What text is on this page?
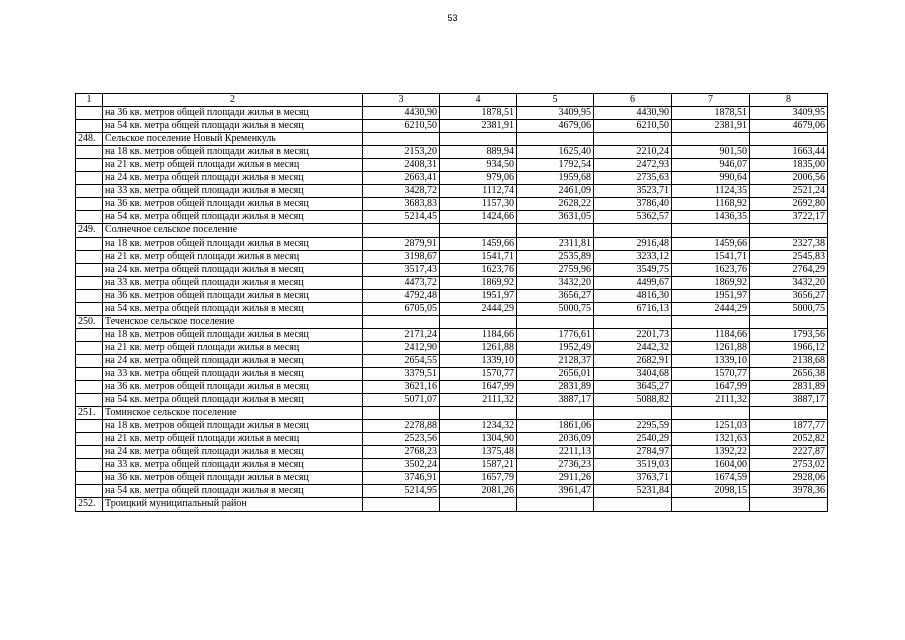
53
1	2	3	4	5	6	7	8
	на 36 кв. метров общей площади жилья в месяц	4430,90	1878,51	3409,95	4430,90	1878,51	3409,95
	на 54 кв. метра общей площади жилья в месяц	6210,50	2381,91	4679,06	6210,50	2381,91	4679,06
248.	Сельское поселение Новый Кременкуль						
	на 18 кв. метров общей площади жилья в месяц	2153,20	889,94	1625,40	2210,24	901,50	1663,44
	на 21 кв. метр общей площади жилья в месяц	2408,31	934,50	1792,54	2472,93	946,07	1835,00
	на 24 кв. метра общей площади жилья в месяц	2663,41	979,06	1959,68	2735,63	990,64	2006,56
	на 33 кв. метра общей площади жилья в месяц	3428,72	1112,74	2461,09	3523,71	1124,35	2521,24
	на 36 кв. метров общей площади жилья в месяц	3683,83	1157,30	2628,22	3786,40	1168,92	2692,80
	на 54 кв. метра общей площади жилья в месяц	5214,45	1424,66	3631,05	5362,57	1436,35	3722,17
249.	Солнечное сельское поселение						
	на 18 кв. метров общей площади жилья в месяц	2879,91	1459,66	2311,81	2916,48	1459,66	2327,38
	на 21 кв. метр общей площади жилья в месяц	3198,67	1541,71	2535,89	3233,12	1541,71	2545,83
	на 24 кв. метра общей площади жилья в месяц	3517,43	1623,76	2759,96	3549,75	1623,76	2764,29
	на 33 кв. метра общей площади жилья в месяц	4473,72	1869,92	3432,20	4499,67	1869,92	3432,20
	на 36 кв. метров общей площади жилья в месяц	4792,48	1951,97	3656,27	4816,30	1951,97	3656,27
	на 54 кв. метра общей площади жилья в месяц	6705,05	2444,29	5000,75	6716,13	2444,29	5000,75
250.	Теченское сельское поселение						
	на 18 кв. метров общей площади жилья в месяц	2171,24	1184,66	1776,61	2201,73	1184,66	1793,56
	на 21 кв. метр общей площади жилья в месяц	2412,90	1261,88	1952,49	2442,32	1261,88	1966,12
	на 24 кв. метра общей площади жилья в месяц	2654,55	1339,10	2128,37	2682,91	1339,10	2138,68
	на 33 кв. метра общей площади жилья в месяц	3379,51	1570,77	2656,01	3404,68	1570,77	2656,38
	на 36 кв. метров общей площади жилья в месяц	3621,16	1647,99	2831,89	3645,27	1647,99	2831,89
	на 54 кв. метра общей площади жилья в месяц	5071,07	2111,32	3887,17	5088,82	2111,32	3887,17
251.	Томинское сельское поселение						
	на 18 кв. метров общей площади жилья в месяц	2278,88	1234,32	1861,06	2295,59	1251,03	1877,77
	на 21 кв. метр общей площади жилья в месяц	2523,56	1304,90	2036,09	2540,29	1321,63	2052,82
	на 24 кв. метра общей площади жилья в месяц	2768,23	1375,48	2211,13	2784,97	1392,22	2227,87
	на 33 кв. метра общей площади жилья в месяц	3502,24	1587,21	2736,23	3519,03	1604,00	2753,02
	на 36 кв. метров общей площади жилья в месяц	3746,91	1657,79	2911,26	3763,71	1674,59	2928,06
	на 54 кв. метра общей площади жилья в месяц	5214,95	2081,26	3961,47	5231,84	2098,15	3978,36
252.	Троицкий муниципальный район						
